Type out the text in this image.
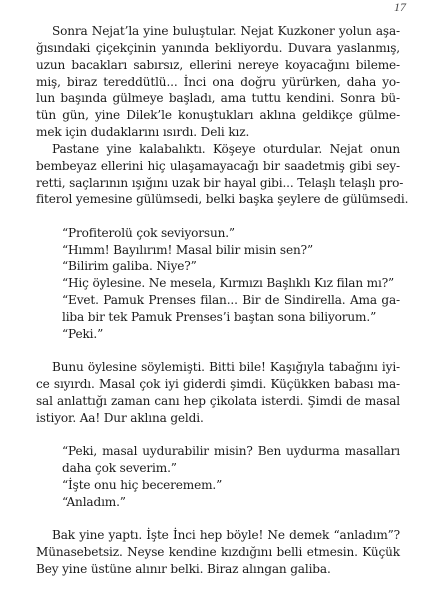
17
Sonra Nejat’la yine buluştular. Nejat Kuzkoner yolun aşa-
ğısındaki çiçekçinin yanında bekliyordu. Duvara yaslanmış,
uzun bacakları sabırsız, ellerini nereye koyacağını bileme-
miş, biraz tereddütlü... İnci ona doğru yürürken, daha yo-
lun başında gülmeye başladı, ama tuttu kendini. Sonra bü-
tün gün, yine Dilek’le konuştukları aklına geldikçe gülme-
mek için dudaklarını ısırdı. Deli kız.
Pastane yine kalabalıktı. Köşeye oturdular. Nejat onun
bembeyaz ellerini hiç ulaşamayacağı bir saadetmiş gibi sey-
retti, saçlarının ışığını uzak bir hayal gibi... Telaşlı telaşlı pro-
fiterol yemesine gülümsedi, belki başka şeylere de gülümsedi.
“Profiterolü çok seviyorsun.”
“Hımm! Bayılırım! Masal bilir misin sen?”
“Bilirim galiba. Niye?”
“Hiç öylesine. Ne mesela, Kırmızı Başlıklı Kız filan mı?”
“Evet. Pamuk Prenses filan... Bir de Sindirella. Ama ga-
liba bir tek Pamuk Prenses’i baştan sona biliyorum.”
“Peki.”
Bunu öylesine söylemişti. Bitti bile! Kaşığıyla tabağını iyi-
ce sıyırdı. Masal çok iyi giderdi şimdi. Küçükken babası ma-
sal anlattığı zaman canı hep çikolata isterdi. Şimdi de masal
istiyor. Aa! Dur aklına geldi.
“Peki, masal uydurabilir misin? Ben uydurma masalları
daha çok severim.”
“İşte onu hiç beceremem.”
“Anladım.”
Bak yine yaptı. İşte İnci hep böyle! Ne demek “anladım”?
Münasebetsiz. Neyse kendine kızdığını belli etmesin. Küçük
Bey yine üstüne alınır belki. Biraz alıngan galiba.
